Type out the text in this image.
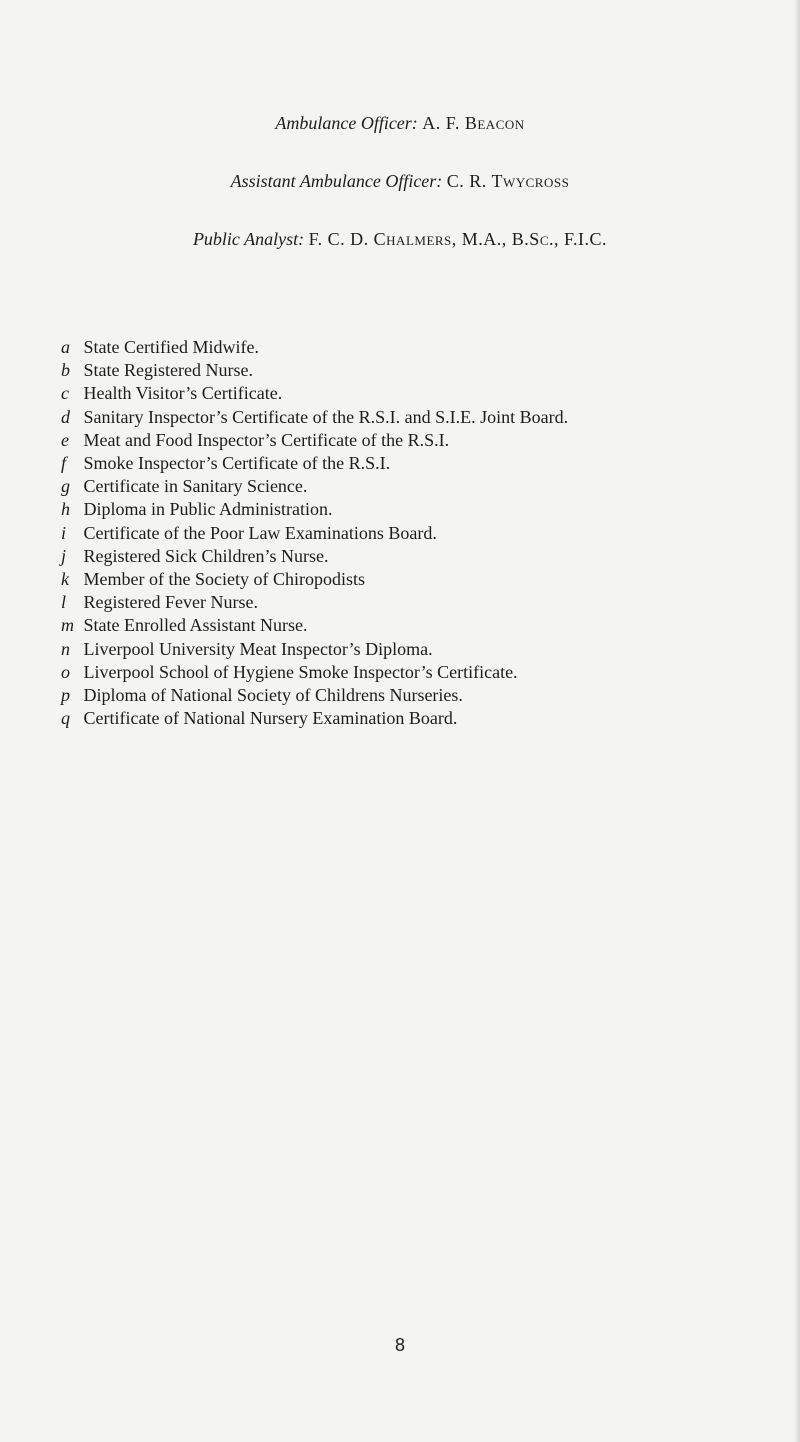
Ambulance Officer: A. F. Beacon

Assistant Ambulance Officer: C. R. Twycross

Public Analyst: F. C. D. Chalmers, M.A., B.Sc., F.I.C.

a State Certified Midwife.
b State Registered Nurse.
c Health Visitor’s Certificate.
d Sanitary Inspector’s Certificate of the R.S.I. and S.I.E. Joint Board.
e Meat and Food Inspector’s Certificate of the R.S.I.
f Smoke Inspector’s Certificate of the R.S.I.
g Certificate in Sanitary Science.
h Diploma in Public Administration.
i Certificate of the Poor Law Examinations Board.
j Registered Sick Children’s Nurse.
k Member of the Society of Chiropodists
l Registered Fever Nurse.
m State Enrolled Assistant Nurse.
n Liverpool University Meat Inspector’s Diploma.
o Liverpool School of Hygiene Smoke Inspector’s Certificate.
p Diploma of National Society of Childrens Nurseries.
q Certificate of National Nursery Examination Board.
8
